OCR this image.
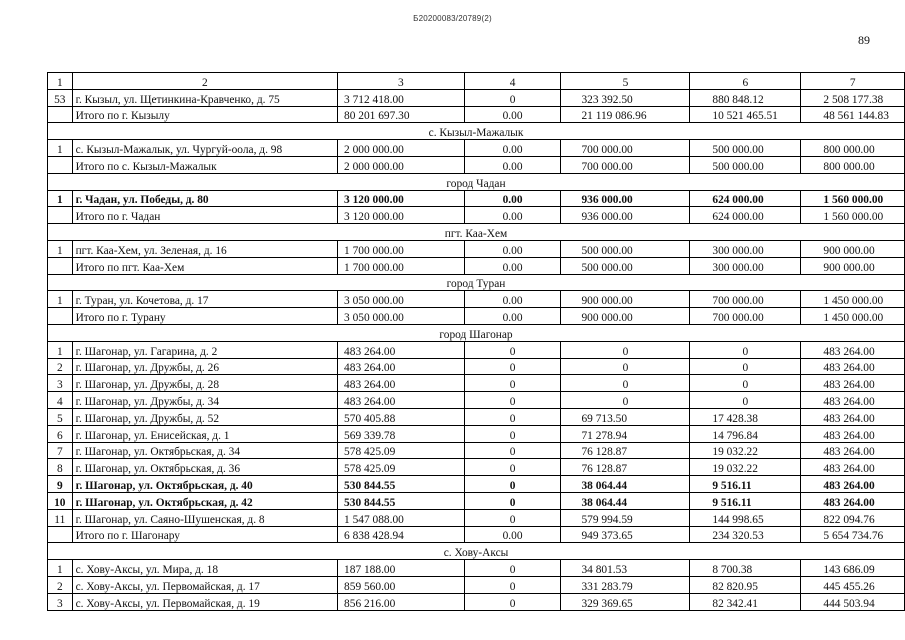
Б20200083/20789(2)
89
1	2	3	4	5	6	7
53	г. Кызыл, ул. Щетинкина-Кравченко, д. 75	3 712 418.00	0	323 392.50	880 848.12	2 508 177.38
	Итого по г. Кызылу	80 201 697.30	0.00	21 119 086.96	10 521 465.51	48 561 144.83
с. Кызыл-Мажалык						
1	с. Кызыл-Мажалык, ул. Чургуй-оола, д. 98	2 000 000.00	0.00	700 000.00	500 000.00	800 000.00
	Итого по с. Кызыл-Мажалык	2 000 000.00	0.00	700 000.00	500 000.00	800 000.00
город Чадан						
1	г. Чадан, ул. Победы, д. 80	3 120 000.00	0.00	936 000.00	624 000.00	1 560 000.00
	Итого по г. Чадан	3 120 000.00	0.00	936 000.00	624 000.00	1 560 000.00
пгт. Каа-Хем						
1	пгт. Каа-Хем, ул. Зеленая, д. 16	1 700 000.00	0.00	500 000.00	300 000.00	900 000.00
	Итого по пгт. Каа-Хем	1 700 000.00	0.00	500 000.00	300 000.00	900 000.00
город Туран						
1	г. Туран, ул. Кочетова, д. 17	3 050 000.00	0.00	900 000.00	700 000.00	1 450 000.00
	Итого по г. Турану	3 050 000.00	0.00	900 000.00	700 000.00	1 450 000.00
город Шагонар						
1	г. Шагонар, ул. Гагарина, д. 2	483 264.00	0	0	0	483 264.00
2	г. Шагонар, ул. Дружбы, д. 26	483 264.00	0	0	0	483 264.00
3	г. Шагонар, ул. Дружбы, д. 28	483 264.00	0	0	0	483 264.00
4	г. Шагонар, ул. Дружбы, д. 34	483 264.00	0	0	0	483 264.00
5	г. Шагонар, ул. Дружбы, д. 52	570 405.88	0	69 713.50	17 428.38	483 264.00
6	г. Шагонар, ул. Енисейская, д. 1	569 339.78	0	71 278.94	14 796.84	483 264.00
7	г. Шагонар, ул. Октябрьская, д. 34	578 425.09	0	76 128.87	19 032.22	483 264.00
8	г. Шагонар, ул. Октябрьская, д. 36	578 425.09	0	76 128.87	19 032.22	483 264.00
9	г. Шагонар, ул. Октябрьская, д. 40	530 844.55	0	38 064.44	9 516.11	483 264.00
10	г. Шагонар, ул. Октябрьская, д. 42	530 844.55	0	38 064.44	9 516.11	483 264.00
11	г. Шагонар, ул. Саяно-Шушенская, д. 8	1 547 088.00	0	579 994.59	144 998.65	822 094.76
	Итого по г. Шагонару	6 838 428.94	0.00	949 373.65	234 320.53	5 654 734.76
с. Хову-Аксы						
1	с. Хову-Аксы, ул. Мира, д. 18	187 188.00	0	34 801.53	8 700.38	143 686.09
2	с. Хову-Аксы, ул. Первомайская, д. 17	859 560.00	0	331 283.79	82 820.95	445 455.26
3	с. Хову-Аксы, ул. Первомайская, д. 19	856 216.00	0	329 369.65	82 342.41	444 503.94
